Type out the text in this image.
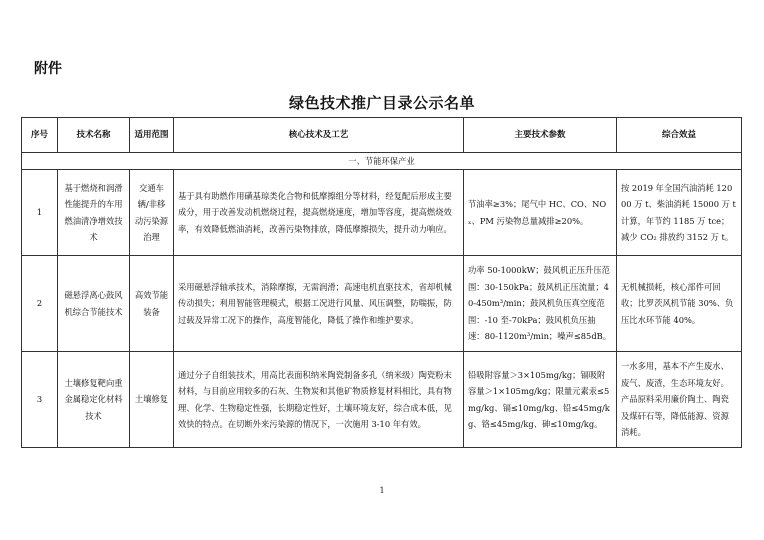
附件
绿色技术推广目录公示名单
序号	技术名称	适用范围	核心技术及工艺	主要技术参数	综合效益
一、节能环保产业					
1	基于燃烧和润滑性能提升的车用燃油清净增效技术	交通车辆/非移动污染源治理	基于具有助燃作用磺基琼类化合物和低摩擦组分等材料，经复配后形成主要成分，用于改善发动机燃烧过程，提高燃烧速度，增加等容度，提高燃烧效率，有效降低燃油消耗，改善污染物排放，降低摩擦损失，提升动力响应。	节油率≥3%；尾气中 HC、CO、NOₓ、PM 污染物总量减排≥20%。	按 2019 年全国汽油消耗 12000 万 t、柴油消耗 15000 万 t 计算，年节约 1185 万 tce；减少 CO₂ 排放约 3152 万 t。
2	磁悬浮离心鼓风机综合节能技术	高效节能装备	采用磁悬浮轴承技术，消除摩擦，无需润滑；高速电机直驱技术，省却机械传动损失；利用智能管理模式，根据工况进行风量、风压调整，防喘振，防过载及异常工况下的操作，高度智能化，降低了操作和维护要求。	功率 50-1000kW；鼓风机正压升压范围：30-150kPa；鼓风机正压流量；40-450m³/min；鼓风机负压真空度范围：-10 至-70kPa；鼓风机负压抽速：80-1120m³/min；噪声≤85dB。	无机械损耗，核心部件可回收；比罗茨风机节能 30%、负压比水环节能 40%。
3	土壤修复靶向重金属稳定化材料技术	土壤修复	通过分子自组装技术，用高比表面积纳米陶瓷制备多孔（纳米级）陶瓷粉末材料，与目前应用较多的石灰、生物炭和其他矿物质修复材料相比，具有物理、化学、生物稳定性强，长期稳定性好，土壤环境友好，综合成本低，见效快的特点。在切断外来污染源的情况下，一次施用 3-10 年有效。	铅吸附容量＞3×105mg/kg；镉吸附容量＞1×105mg/kg；限量元素汞≤5mg/kg、镉≤10mg/kg、铅≤45mg/kg、铬≤45mg/kg、砷≤10mg/kg。	一水多用，基本不产生废水、废气、废渣，生态环境友好。产品原料采用廉价陶土、陶瓷及煤矸石等，降低能源、资源消耗。
1
